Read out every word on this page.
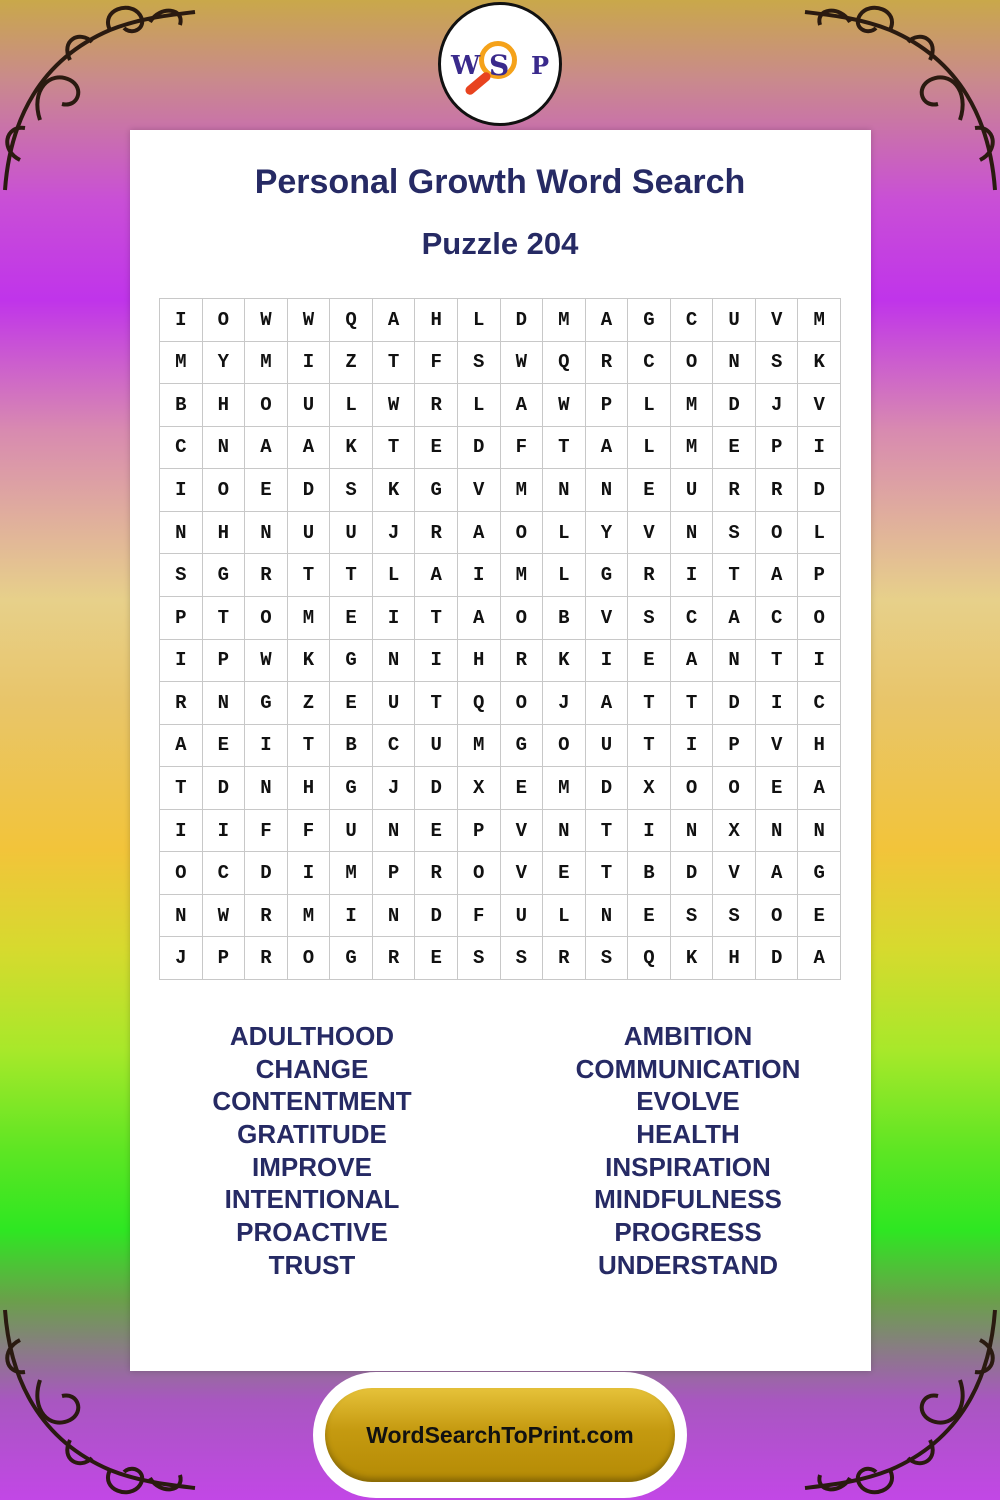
W S P
Personal Growth Word Search
Puzzle 204
I	O	W	W	Q	A	H	L	D	M	A	G	C	U	V	M
M	Y	M	I	Z	T	F	S	W	Q	R	C	O	N	S	K
B	H	O	U	L	W	R	L	A	W	P	L	M	D	J	V
C	N	A	A	K	T	E	D	F	T	A	L	M	E	P	I
I	O	E	D	S	K	G	V	M	N	N	E	U	R	R	D
N	H	N	U	U	J	R	A	O	L	Y	V	N	S	O	L
S	G	R	T	T	L	A	I	M	L	G	R	I	T	A	P
P	T	O	M	E	I	T	A	O	B	V	S	C	A	C	O
I	P	W	K	G	N	I	H	R	K	I	E	A	N	T	I
R	N	G	Z	E	U	T	Q	O	J	A	T	T	D	I	C
A	E	I	T	B	C	U	M	G	O	U	T	I	P	V	H
T	D	N	H	G	J	D	X	E	M	D	X	O	O	E	A
I	I	F	F	U	N	E	P	V	N	T	I	N	X	N	N
O	C	D	I	M	P	R	O	V	E	T	B	D	V	A	G
N	W	R	M	I	N	D	F	U	L	N	E	S	S	O	E
J	P	R	O	G	R	E	S	S	R	S	Q	K	H	D	A
ADULTHOOD
CHANGE
CONTENTMENT
GRATITUDE
IMPROVE
INTENTIONAL
PROACTIVE
TRUST
AMBITION
COMMUNICATION
EVOLVE
HEALTH
INSPIRATION
MINDFULNESS
PROGRESS
UNDERSTAND
WordSearchToPrint.com
